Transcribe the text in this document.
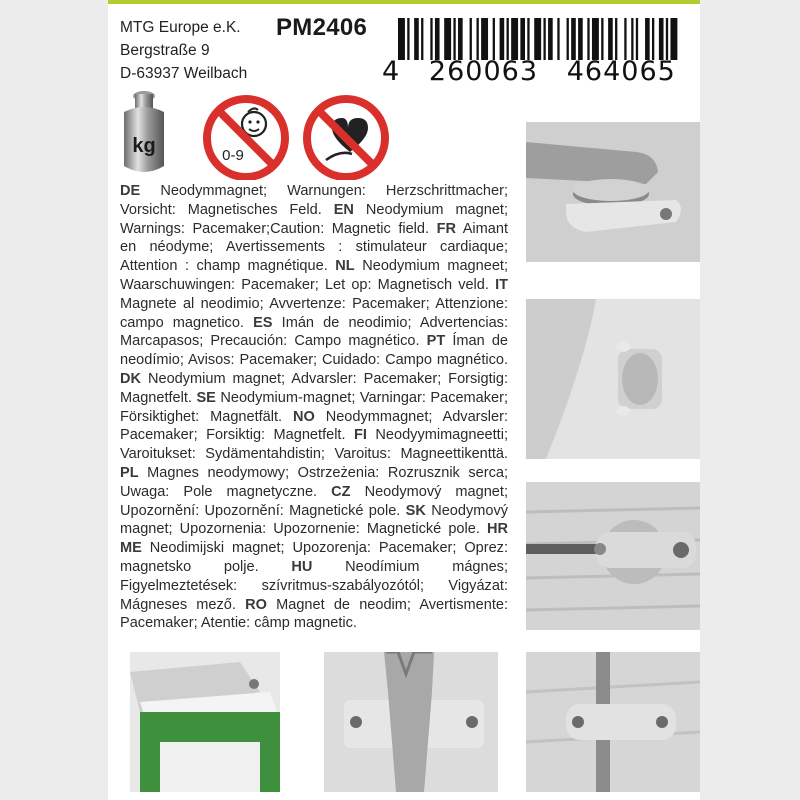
MTG Europe e.K.
Bergstraße 9
D-63937 Weilbach
PM2406
4   260063   464065
kg	0-9
DE Neodymmagnet; Warnungen: Herzschrittmacher; Vorsicht: Magnetisches Feld. EN Neodymium magnet; Warnings: Pacemaker;Caution: Magnetic field. FR Aimant en néodyme; Avertissements : stimulateur cardiaque; Attention : champ magnétique. NL Neodymium magneet; Waarschuwingen: Pacemaker; Let op: Magnetisch veld. IT Magnete al neodimio; Avvertenze: Pacemaker; Attenzione: campo magnetico. ES Imán de neodimio; Advertencias: Marcapasos; Precaución: Campo magnético. PT Íman de neodímio; Avisos: Pacemaker; Cuidado: Campo magnético. DK Neodymium magnet; Advarsler: Pacemaker; Forsigtig: Magnetfelt. SE Neodymium-magnet; Varningar: Pacemaker; Försiktighet: Magnetfält. NO Neodymmagnet; Advarsler: Pacemaker; Forsiktig: Magnetfelt. FI Neodyymimagneetti; Varoitukset: Sydämentahdistin; Varoitus: Magneettikenttä. PL Magnes neodymowy; Ostrzeżenia: Rozrusznik serca; Uwaga: Pole magnetyczne. CZ Neodymový magnet; Upozornění: Upozornění: Magnetické pole. SK Neodymový magnet; Upozornenia: Upozornenie: Magnetické pole. HR ME Neodimijski magnet; Upozorenja: Pacemaker; Oprez: magnetsko polje. HU Neodímium mágnes; Figyelmeztetések: szívritmus-szabályozótól; Vigyázat: Mágneses mező. RO Magnet de neodim; Avertismente: Pacemaker; Atentie: câmp magnetic.
